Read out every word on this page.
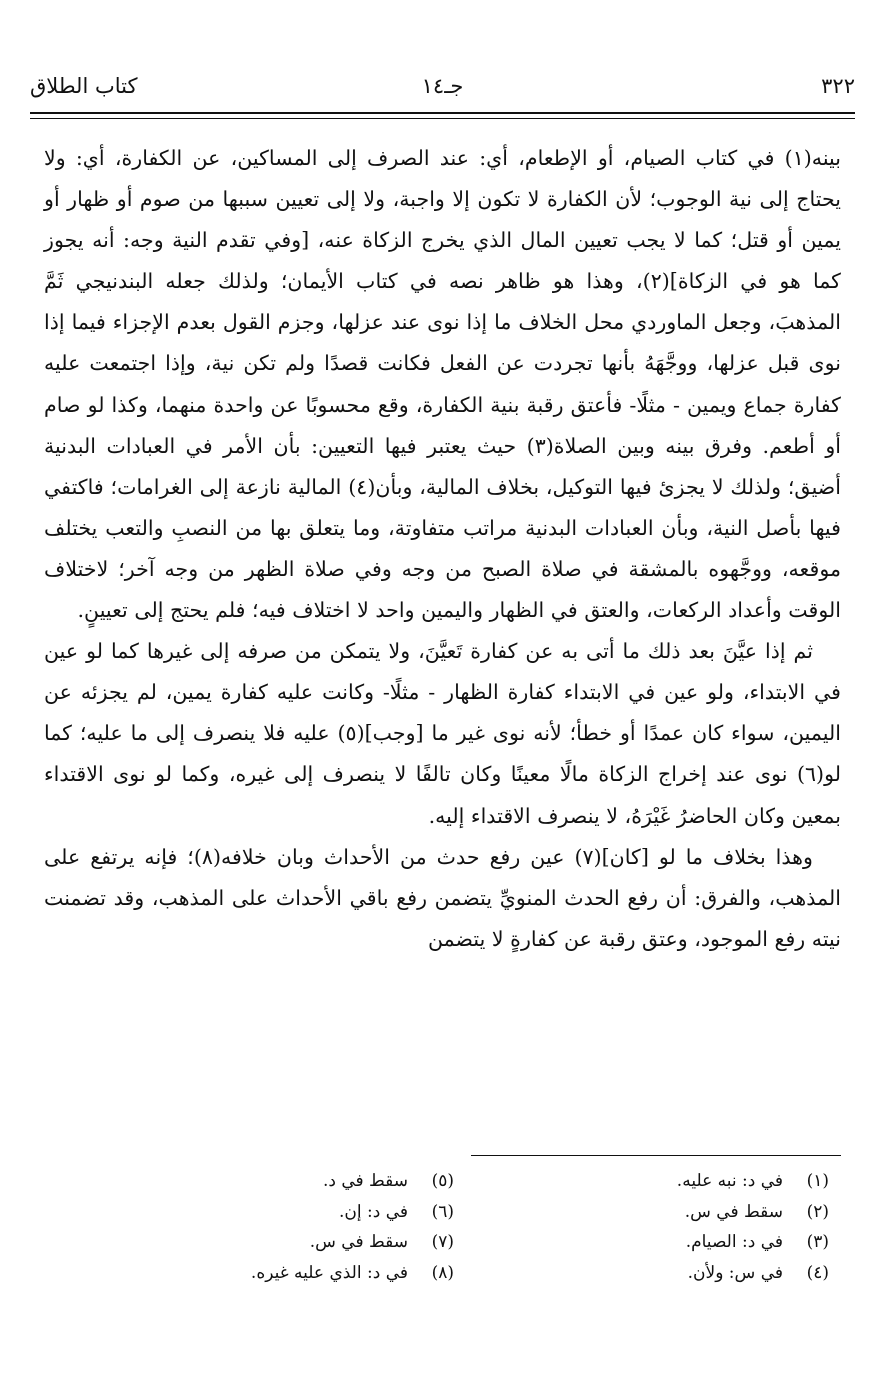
٣٢٢
جـ١٤
كتاب الطلاق

بينه(١) في كتاب الصيام، أو الإطعام، أي: عند الصرف إلى المساكين، عن الكفارة، أي: ولا يحتاج إلى نية الوجوب؛ لأن الكفارة لا تكون إلا واجبة، ولا إلى تعيين سببها من صوم أو ظهار أو يمين أو قتل؛ كما لا يجب تعيين المال الذي يخرج الزكاة عنه، [وفي تقدم النية وجه: أنه يجوز كما هو في الزكاة](٢)، وهذا هو ظاهر نصه في كتاب الأيمان؛ ولذلك جعله البندنيجي ثَمَّ المذهبَ، وجعل الماوردي محل الخلاف ما إذا نوى عند عزلها، وجزم القول بعدم الإجزاء فيما إذا نوى قبل عزلها، ووجَّهَهُ بأنها تجردت عن الفعل فكانت قصدًا ولم تكن نية، وإذا اجتمعت عليه كفارة جماع ويمين - مثلًا- فأعتق رقبة بنية الكفارة، وقع محسوبًا عن واحدة منهما، وكذا لو صام أو أطعم. وفرق بينه وبين الصلاة(٣) حيث يعتبر فيها التعيين: بأن الأمر في العبادات البدنية أضيق؛ ولذلك لا يجزئ فيها التوكيل، بخلاف المالية، وبأن(٤) المالية نازعة إلى الغرامات؛ فاكتفي فيها بأصل النية، وبأن العبادات البدنية مراتب متفاوتة، وما يتعلق بها من النصبِ والتعب يختلف موقعه، ووجَّهوه بالمشقة في صلاة الصبح من وجه وفي صلاة الظهر من وجه آخر؛ لاختلاف الوقت وأعداد الركعات، والعتق في الظهار واليمين واحد لا اختلاف فيه؛ فلم يحتج إلى تعيينٍ.

ثم إذا عيَّنَ بعد ذلك ما أتى به عن كفارة تَعيَّنَ، ولا يتمكن من صرفه إلى غيرها كما لو عين في الابتداء، ولو عين في الابتداء كفارة الظهار - مثلًا- وكانت عليه كفارة يمين، لم يجزئه عن اليمين، سواء كان عمدًا أو خطأ؛ لأنه نوى غير ما [وجب](٥) عليه فلا ينصرف إلى ما عليه؛ كما لو(٦) نوى عند إخراج الزكاة مالًا معينًا وكان تالفًا لا ينصرف إلى غيره، وكما لو نوى الاقتداء بمعين وكان الحاضرُ غَيْرَهُ، لا ينصرف الاقتداء إليه.

وهذا بخلاف ما لو [كان](٧) عين رفع حدث من الأحداث وبان خلافه(٨)؛ فإنه يرتفع على المذهب، والفرق: أن رفع الحدث المنويِّ يتضمن رفع باقي الأحداث على المذهب، وقد تضمنت نيته رفع الموجود، وعتق رقبة عن كفارةٍ لا يتضمن

(١)في د: نبه عليه.
(٢)سقط في س.
(٣)في د: الصيام.
(٤)في س: ولأن.
(٥)سقط في د.
(٦)في د: إن.
(٧)سقط في س.
(٨)في د: الذي عليه غيره.
